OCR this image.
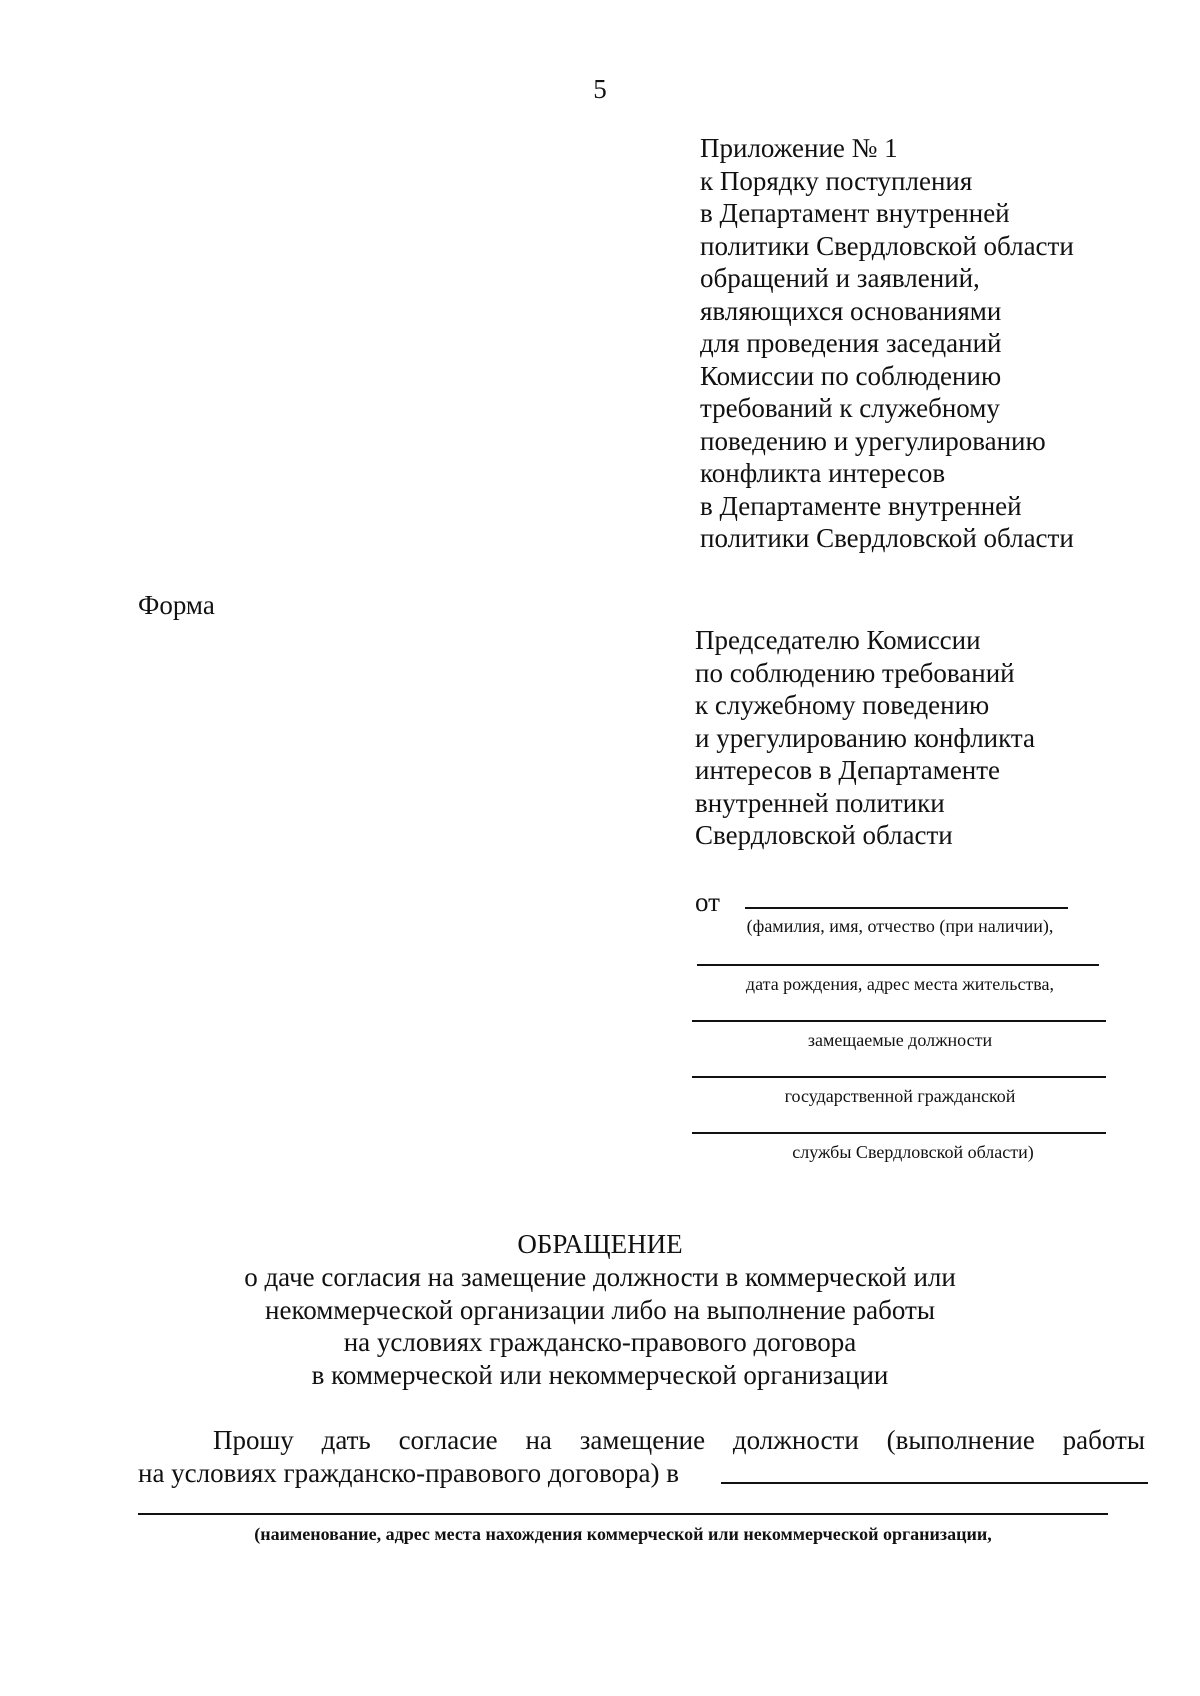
5
Приложение № 1
к Порядку поступления
в Департамент внутренней
политики Свердловской области
обращений и заявлений,
являющихся основаниями
для проведения заседаний
Комиссии по соблюдению
требований к служебному
поведению и урегулированию
конфликта интересов
в Департаменте внутренней
политики Свердловской области
Форма
Председателю Комиссии
по соблюдению требований
к служебному поведению
и урегулированию конфликта
интересов в Департаменте
внутренней политики
Свердловской области
от
(фамилия, имя, отчество (при наличии),
дата рождения, адрес места жительства,
замещаемые должности
государственной гражданской
службы Свердловской области)
ОБРАЩЕНИЕ
о даче согласия на замещение должности в коммерческой или
некоммерческой организации либо на выполнение работы
на условиях гражданско-правового договора
в коммерческой или некоммерческой организации
Прошу дать согласие на замещение должности (выполнение работы
на условиях гражданско-правового договора) в
(наименование, адрес места нахождения коммерческой или некоммерческой организации,
